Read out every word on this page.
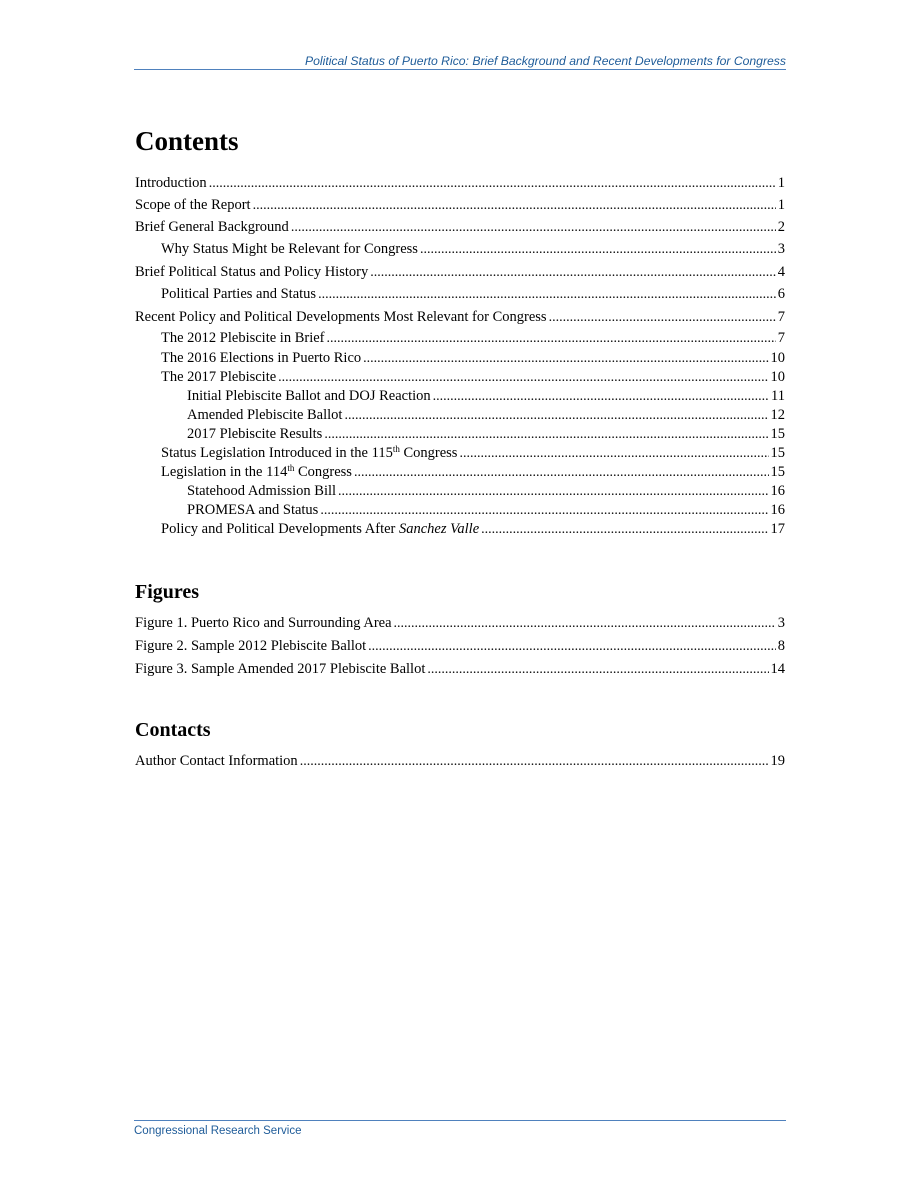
Political Status of Puerto Rico: Brief Background and Recent Developments for Congress
Contents
Introduction .....	1
Scope of the Report .....	1
Brief General Background .....	2
Why Status Might be Relevant for Congress .....	3
Brief Political Status and Policy History .....	4
Political Parties and Status .....	6
Recent Policy and Political Developments Most Relevant for Congress .....	7
The 2012 Plebiscite in Brief .....	7
The 2016 Elections in Puerto Rico .....	10
The 2017 Plebiscite .....	10
Initial Plebiscite Ballot and DOJ Reaction .....	11
Amended Plebiscite Ballot .....	12
2017 Plebiscite Results .....	15
Status Legislation Introduced in the 115th Congress .....	15
Legislation in the 114th Congress .....	15
Statehood Admission Bill .....	16
PROMESA and Status .....	16
Policy and Political Developments After Sanchez Valle .....	17
Figures
Figure 1. Puerto Rico and Surrounding Area .....	3
Figure 2. Sample 2012 Plebiscite Ballot .....	8
Figure 3. Sample Amended 2017 Plebiscite Ballot .....	14
Contacts
Author Contact Information .....	19
Congressional Research Service
